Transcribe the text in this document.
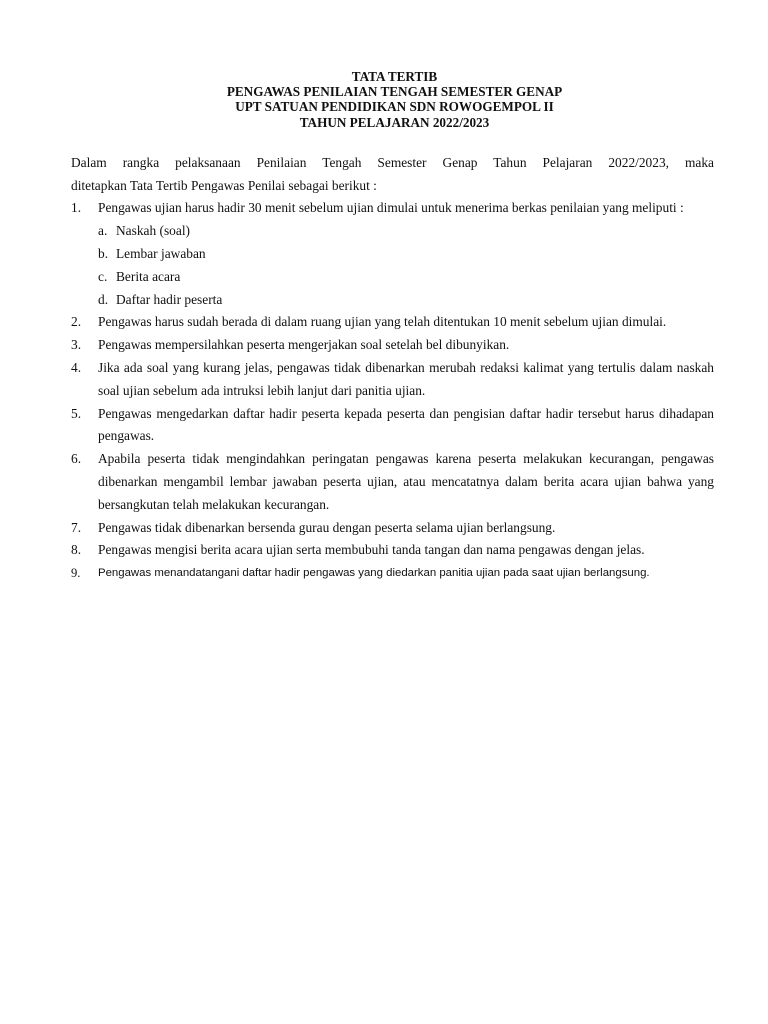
TATA TERTIB
PENGAWAS PENILAIAN TENGAH SEMESTER GENAP
UPT SATUAN PENDIDIKAN SDN ROWOGEMPOL II
TAHUN PELAJARAN 2022/2023
Dalam rangka pelaksanaan Penilaian Tengah Semester Genap Tahun Pelajaran 2022/2023, maka
ditetapkan Tata Tertib Pengawas Penilai sebagai berikut :
1. Pengawas ujian harus hadir 30 menit sebelum ujian dimulai untuk menerima berkas penilaian yang meliputi :
a. Naskah (soal)
b. Lembar jawaban
c. Berita acara
d. Daftar hadir peserta
2. Pengawas harus sudah berada di dalam ruang ujian yang telah ditentukan 10 menit sebelum ujian dimulai.
3. Pengawas mempersilahkan peserta mengerjakan soal setelah bel dibunyikan.
4. Jika ada soal yang kurang jelas, pengawas tidak dibenarkan merubah redaksi kalimat yang tertulis dalam naskah soal ujian sebelum ada intruksi lebih lanjut dari panitia ujian.
5. Pengawas mengedarkan daftar hadir peserta kepada peserta dan pengisian daftar hadir tersebut harus dihadapan pengawas.
6. Apabila peserta tidak mengindahkan peringatan pengawas karena peserta melakukan kecurangan, pengawas dibenarkan mengambil lembar jawaban peserta ujian, atau mencatatnya dalam berita acara ujian bahwa yang bersangkutan telah melakukan kecurangan.
7. Pengawas tidak dibenarkan bersenda gurau dengan peserta selama ujian berlangsung.
8. Pengawas mengisi berita acara ujian serta membubuhi tanda tangan dan nama pengawas dengan jelas.
9. Pengawas menandatangani daftar hadir pengawas yang diedarkan panitia ujian pada saat ujian berlangsung.
